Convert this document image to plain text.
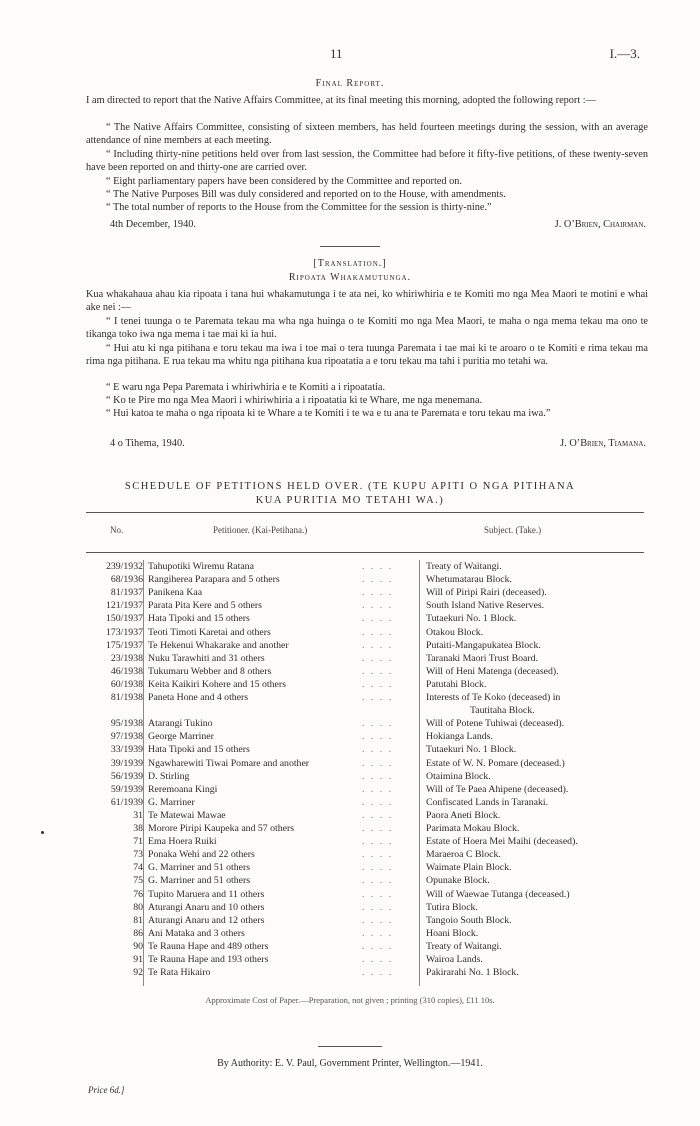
11	I.—3.
Final Report.

I am directed to report that the Native Affairs Committee, at its final meeting this morning, adopted the following report :—

“ The Native Affairs Committee, consisting of sixteen members, has held fourteen meetings during the session, with an average attendance of nine members at each meeting.

“ Including thirty-nine petitions held over from last session, the Committee had before it fifty-five petitions, of these twenty-seven have been reported on and thirty-one are carried over.

“ Eight parliamentary papers have been considered by the Committee and reported on.

“ The Native Purposes Bill was duly considered and reported on to the House, with amendments.

“ The total number of reports to the House from the Committee for the session is thirty-nine.”

4th December, 1940.	J. O’Brien, Chairman.
[Translation.]
Ripoata Whakamutunga.

Kua whakahaua ahau kia ripoata i tana hui whakamutunga i te ata nei, ko whiriwhiria e te Komiti mo nga Mea Maori te motini e whai ake nei :—

“ I tenei tuunga o te Paremata tekau ma wha nga huinga o te Komiti mo nga Mea Maori, te maha o nga mema tekau ma ono te tikanga toko iwa nga mema i tae mai ki ia hui.

“ Hui atu ki nga pitihana e toru tekau ma iwa i toe mai o tera tuunga Paremata i tae mai ki te aroaro o te Komiti e rima tekau ma rima nga pitihana. E rua tekau ma whitu nga pitihana kua ripoatatia a e toru tekau ma tahi i puritia mo tetahi wa.

“ E waru nga Pepa Paremata i whiriwhiria e te Komiti a i ripoatatia.

“ Ko te Pire mo nga Mea Maori i whiriwhiria a i ripoatatia ki te Whare, me nga menemana.

“ Hui katoa te maha o nga ripoata ki te Whare a te Komiti i te wa e tu ana te Paremata e toru tekau ma iwa.”

4 o Tihema, 1940.	J. O’Brien, Tiamana.
SCHEDULE OF PETITIONS HELD OVER. (TE KUPU APITI O NGA PITIHANA
KUA PURITIA MO TETAHI WA.)
No.	Petitioner. (Kai-Petihana.)	Subject. (Take.)
239/1932 Tahupotiki Wiremu Ratana	. . . .	Treaty of Waitangi.
68/1936 Rangiherea Parapara and 5 others	. . . .	Whetumatarau Block.
81/1937 Panikena Kaa	. . . .	Will of Piripi Rairi (deceased).
121/1937 Parata Pita Kere and 5 others	. . . .	South Island Native Reserves.
150/1937 Hata Tipoki and 15 others	. . . .	Tutaekuri No. 1 Block.
173/1937 Teoti Timoti Karetai and others	. . . .	Otakou Block.
175/1937 Te Hekenui Whakarake and another	. . . .	Putaiti-Mangapukatea Block.
23/1938 Nuku Tarawhiti and 31 others	. . . .	Taranaki Maori Trust Board.
46/1938 Tukumaru Webber and 8 others	. . . .	Will of Heni Matenga (deceased).
60/1938 Keita Kaikiri Kohere and 15 others	. . . .	Patutahi Block.
81/1938 Paneta Hone and 4 others	. . . .	Interests of Te Koko (deceased) in
Tautitaha Block.
95/1938 Atarangi Tukino	. . . .	Will of Potene Tuhiwai (deceased).
97/1938 George Marriner	. . . .	Hokianga Lands.
33/1939 Hata Tipoki and 15 others	. . . .	Tutaekuri No. 1 Block.
39/1939 Ngawharewiti Tiwai Pomare and another	. . . .	Estate of W. N. Pomare (deceased.)
56/1939 D. Stirling	. . . .	Otaimina Block.
59/1939 Reremoana Kingi	. . . .	Will of Te Paea Ahipene (deceased).
61/1939 G. Marriner	. . . .	Confiscated Lands in Taranaki.
31 Te Matewai Mawae	. . . .	Paora Aneti Block.
38 Morore Piripi Kaupeka and 57 others	. . . .	Parimata Mokau Block.
71 Ema Hoera Ruiki	. . . .	Estate of Hoera Mei Maihi (deceased).
73 Ponaka Wehi and 22 others	. . . .	Maraeroa C Block.
74 G. Marriner and 51 others	. . . .	Waimate Plain Block.
75 G. Marriner and 51 others	. . . .	Opunake Block.
76 Tupito Maruera and 11 others	. . . .	Will of Waewae Tutanga (deceased.)
80 Aturangi Anaru and 10 others	. . . .	Tutira Block.
81 Aturangi Anaru and 12 others	. . . .	Tangoio South Block.
86 Ani Mataka and 3 others	. . . .	Hoani Block.
90 Te Rauna Hape and 489 others	. . . .	Treaty of Waitangi.
91 Te Rauna Hape and 193 others	. . . .	Wairoa Lands.
92 Te Rata Hikairo	. . . .	Pakirarahi No. 1 Block.
Approximate Cost of Paper.—Preparation, not given ; printing (310 copies), £11 10s.
By Authority: E. V. Paul, Government Printer, Wellington.—1941.
Price 6d.]
